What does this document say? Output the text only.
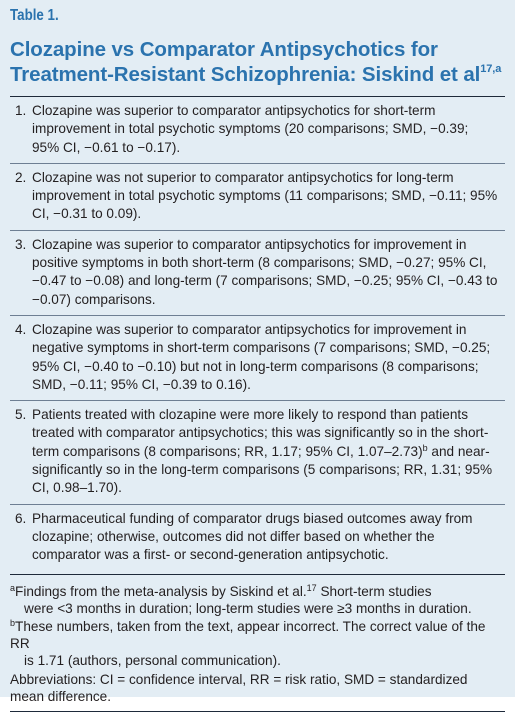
Table 1.
Clozapine vs Comparator Antipsychotics for Treatment-Resistant Schizophrenia: Siskind et al$^{17,a}$
1. Clozapine was superior to comparator antipsychotics for short-term improvement in total psychotic symptoms (20 comparisons; SMD, −0.39; 95% CI, −0.61 to −0.17).
2. Clozapine was not superior to comparator antipsychotics for long-term improvement in total psychotic symptoms (11 comparisons; SMD, −0.11; 95% CI, −0.31 to 0.09).
3. Clozapine was superior to comparator antipsychotics for improvement in positive symptoms in both short-term (8 comparisons; SMD, −0.27; 95% CI, −0.47 to −0.08) and long-term (7 comparisons; SMD, −0.25; 95% CI, −0.43 to −0.07) comparisons.
4. Clozapine was superior to comparator antipsychotics for improvement in negative symptoms in short-term comparisons (7 comparisons; SMD, −0.25; 95% CI, −0.40 to −0.10) but not in long-term comparisons (8 comparisons; SMD, −0.11; 95% CI, −0.39 to 0.16).
5. Patients treated with clozapine were more likely to respond than patients treated with comparator antipsychotics; this was significantly so in the short-term comparisons (8 comparisons; RR, 1.17; 95% CI, 1.07–2.73)$^b$ and near-significantly so in the long-term comparisons (5 comparisons; RR, 1.31; 95% CI, 0.98–1.70).
6. Pharmaceutical funding of comparator drugs biased outcomes away from clozapine; otherwise, outcomes did not differ based on whether the comparator was a first- or second-generation antipsychotic.
$^a$Findings from the meta-analysis by Siskind et al.$^{17}$ Short-term studies
were <3 months in duration; long-term studies were ≥3 months in duration.
$^b$These numbers, taken from the text, appear incorrect. The correct value of the RR
is 1.71 (authors, personal communication).
Abbreviations: CI = confidence interval, RR = risk ratio, SMD = standardized mean difference.
